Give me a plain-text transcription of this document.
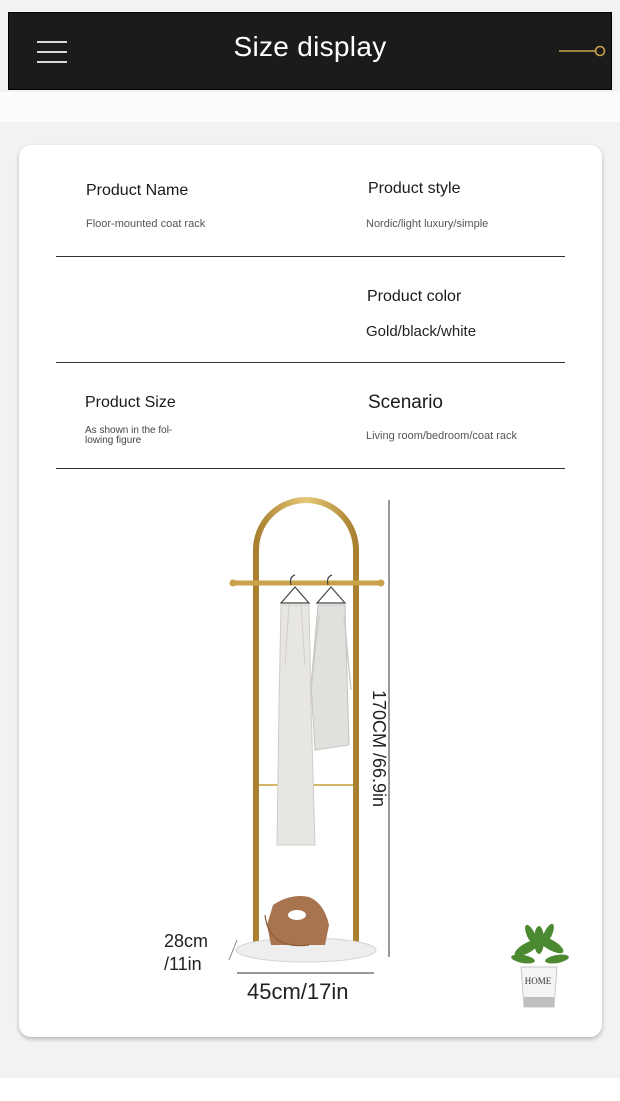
Size display
Product Name
Floor-mounted coat rack
Product style
Nordic/light luxury/simple
Product color
Gold/black/white
Product Size
As shown in the fol-
lowing figure
Scenario
Living room/bedroom/coat rack
HOME
170CM /66.9in
28cm
/11in
45cm/17in
